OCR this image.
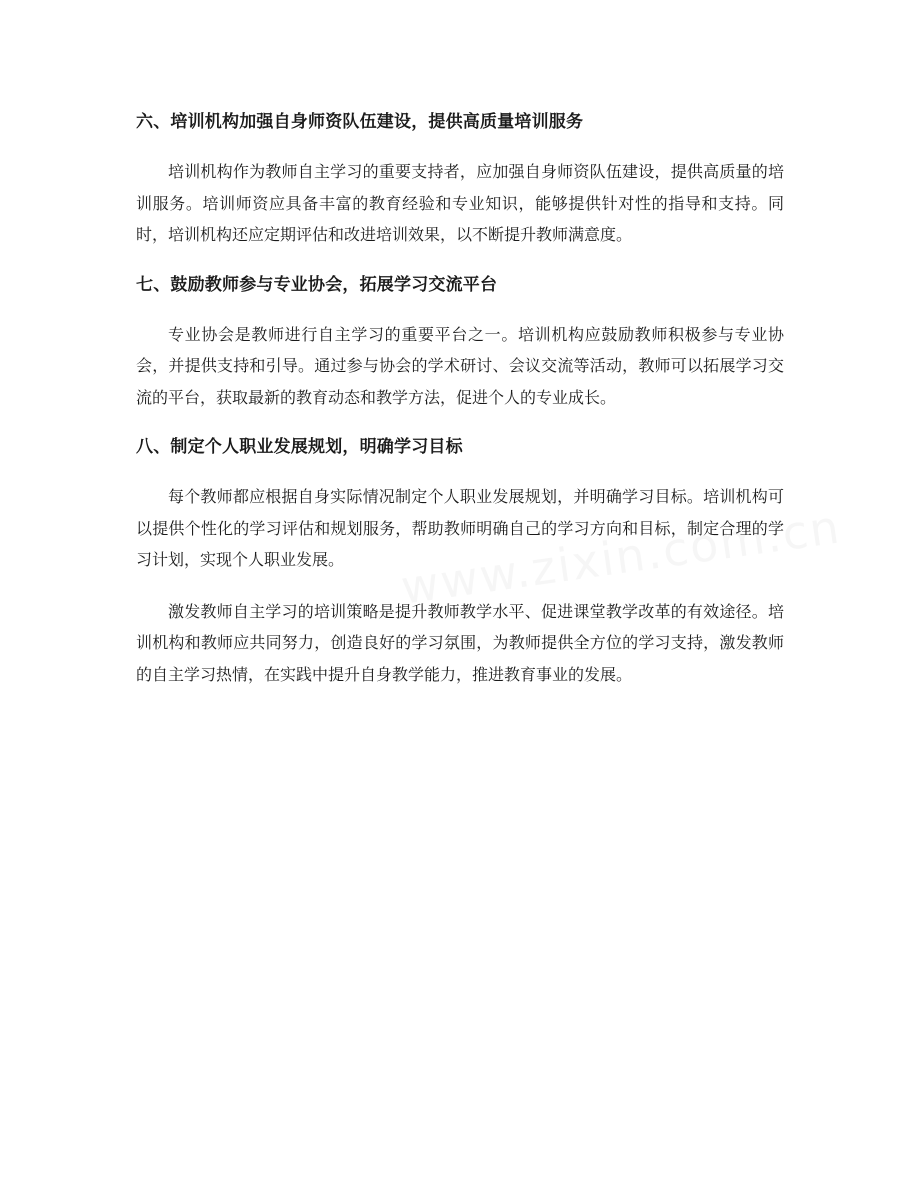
六、培训机构加强自身师资队伍建设，提供高质量培训服务

培训机构作为教师自主学习的重要支持者，应加强自身师资队伍建设，提供高质量的培训服务。培训师资应具备丰富的教育经验和专业知识，能够提供针对性的指导和支持。同时，培训机构还应定期评估和改进培训效果，以不断提升教师满意度。

七、鼓励教师参与专业协会，拓展学习交流平台

专业协会是教师进行自主学习的重要平台之一。培训机构应鼓励教师积极参与专业协会，并提供支持和引导。通过参与协会的学术研讨、会议交流等活动，教师可以拓展学习交流的平台，获取最新的教育动态和教学方法，促进个人的专业成长。

八、制定个人职业发展规划，明确学习目标

每个教师都应根据自身实际情况制定个人职业发展规划，并明确学习目标。培训机构可以提供个性化的学习评估和规划服务，帮助教师明确自己的学习方向和目标，制定合理的学习计划，实现个人职业发展。

激发教师自主学习的培训策略是提升教师教学水平、促进课堂教学改革的有效途径。培训机构和教师应共同努力，创造良好的学习氛围，为教师提供全方位的学习支持，激发教师的自主学习热情，在实践中提升自身教学能力，推进教育事业的发展。
